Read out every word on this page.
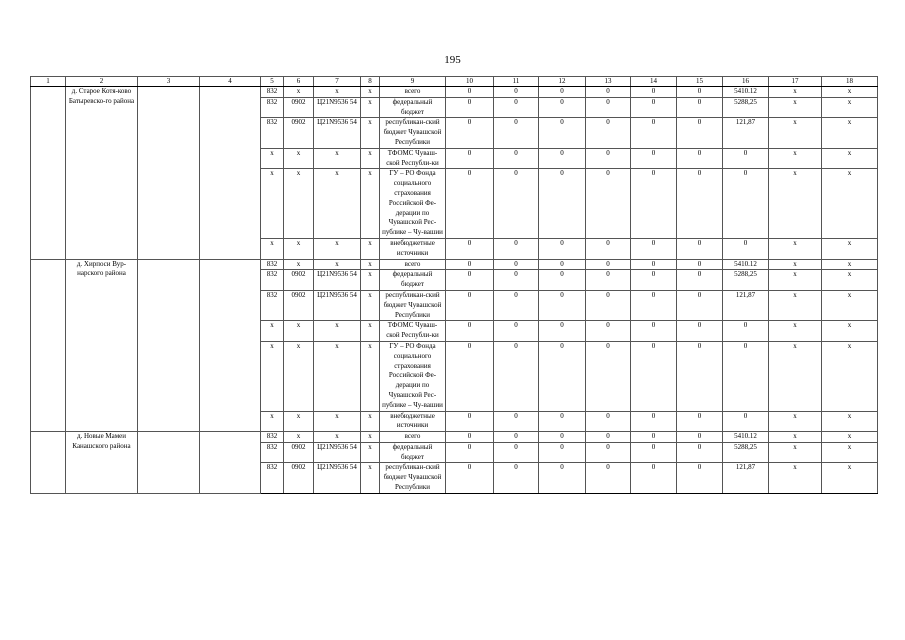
195
1	2	3	4	5	6	7	8	9	10	11	12	13	14	15	16	17	18
	д. Старое Котя-ково Батыревско-го района			832	x	x	x	всего	0	0	0	0	0	0	5410.12	x	x
				832	0902	Ц21N9536 54	x	федеральный бюджет	0	0	0	0	0	0	5288,25	x	x
				832	0902	Ц21N9536 54	x	республикан-ский бюджет Чувашской Республики	0	0	0	0	0	0	121,87	x	x
				x	x	x	x	ТФОМС Чуваш-ской Республи-ки	0	0	0	0	0	0	0	x	x
				x	x	x	x	ГУ – РО Фонда социального страхования Российской Фе-дерации по Чувашской Рес-публике – Чу-вашии	0	0	0	0	0	0	0	x	x
				x	x	x	x	внебюджетные источники	0	0	0	0	0	0	0	x	x
	д. Хирпоси Вур-нарского района			832	x	x	x	всего	0	0	0	0	0	0	5410.12	x	x
				832	0902	Ц21N9536 54	x	федеральный бюджет	0	0	0	0	0	0	5288,25	x	x
				832	0902	Ц21N9536 54	x	республикан-ский бюджет Чувашской Республики	0	0	0	0	0	0	121,87	x	x
				x	x	x	x	ТФОМС Чуваш-ской Республи-ки	0	0	0	0	0	0	0	x	x
				x	x	x	x	ГУ – РО Фонда социального страхования Российской Фе-дерации по Чувашской Рес-публике – Чу-вашии	0	0	0	0	0	0	0	x	x
				x	x	x	x	внебюджетные источники	0	0	0	0	0	0	0	x	x
	д. Новые Мамеи Канашского района			832	x	x	x	всего	0	0	0	0	0	0	5410.12	x	x
				832	0902	Ц21N9536 54	x	федеральный бюджет	0	0	0	0	0	0	5288,25	x	x
				832	0902	Ц21N9536 54	x	республикан-ский бюджет Чувашской Республики	0	0	0	0	0	0	121,87	x	x
